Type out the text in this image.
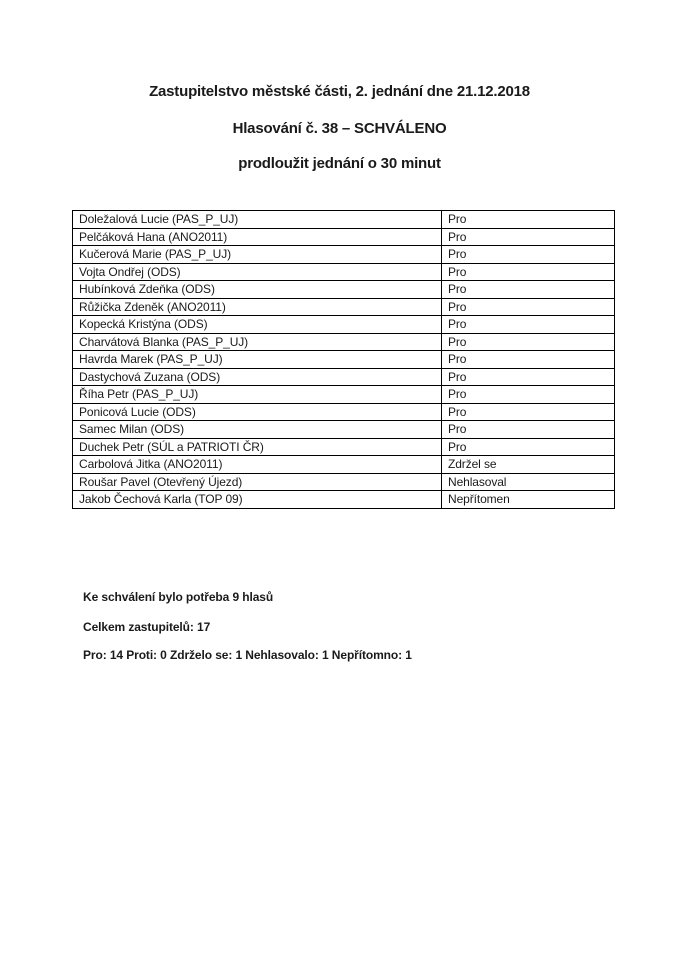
Zastupitelstvo městské části, 2. jednání dne 21.12.2018
Hlasování č. 38 – SCHVÁLENO
prodloužit jednání o 30 minut
Doležalová Lucie (PAS_P_UJ)	Pro
Pelčáková Hana (ANO2011)	Pro
Kučerová Marie (PAS_P_UJ)	Pro
Vojta Ondřej (ODS)	Pro
Hubínková Zdeňka (ODS)	Pro
Růžička Zdeněk (ANO2011)	Pro
Kopecká Kristýna (ODS)	Pro
Charvátová Blanka (PAS_P_UJ)	Pro
Havrda Marek (PAS_P_UJ)	Pro
Dastychová Zuzana (ODS)	Pro
Říha Petr (PAS_P_UJ)	Pro
Ponicová Lucie (ODS)	Pro
Samec Milan (ODS)	Pro
Duchek Petr (SÚL a PATRIOTI ČR)	Pro
Carbolová Jitka (ANO2011)	Zdržel se
Roušar Pavel (Otevřený Újezd)	Nehlasoval
Jakob Čechová Karla (TOP 09)	Nepřítomen
Ke schválení bylo potřeba 9 hlasů
Celkem zastupitelů: 17
Pro: 14 Proti: 0 Zdrželo se: 1 Nehlasovalo: 1 Nepřítomno: 1
